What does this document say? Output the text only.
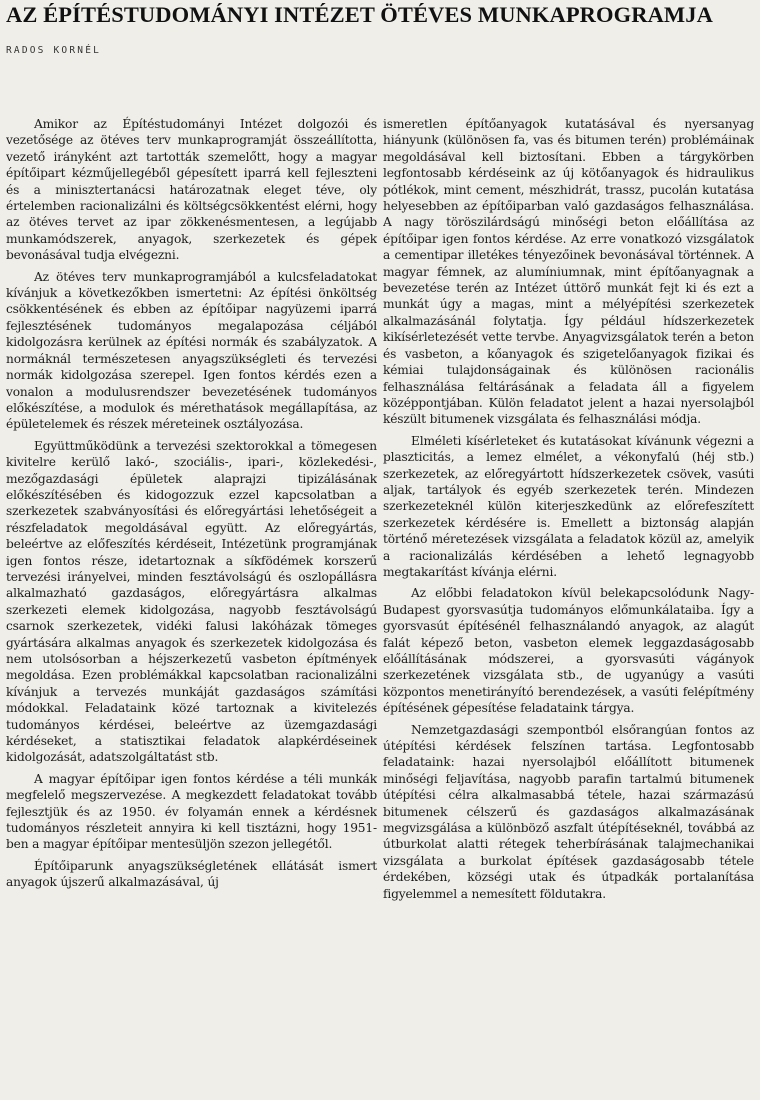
AZ ÉPÍTÉSTUDOMÁNYI INTÉZET ÖTÉVES MUNKAPROGRAMJA
RADOS KORNÉL

Amikor az Építéstudományi Intézet dolgozói és vezetősége az ötéves terv munkaprogramját összeállította, vezető irányként azt tartották szemelőtt, hogy a magyar építőipart kézműjellegéből gépesített iparrá kell fejleszteni és a minisztertanácsi határozatnak eleget téve, oly értelemben racionalizálni és költségcsökkentést elérni, hogy az ötéves tervet az ipar zökkenésmentesen, a legújabb munkamódszerek, anyagok, szerkezetek és gépek bevonásával tudja elvégezni.

Az ötéves terv munkaprogramjából a kulcsfeladatokat kívánjuk a következőkben ismertetni: Az építési önköltség csökkentésének és ebben az építőipar nagyüzemi iparrá fejlesztésének tudományos megalapozása céljából kidolgozásra kerülnek az építési normák és szabályzatok. A normáknál természetesen anyagszükségleti és tervezési normák kidolgozása szerepel. Igen fontos kérdés ezen a vonalon a modulusrendszer bevezetésének tudományos előkészítése, a modulok és mérethatások megállapítása, az épületelemek és részek méreteinek osztályozása.

Együttműködünk a tervezési szektorokkal a tömegesen kivitelre kerülő lakó-, szociális-, ipari-, közlekedési-, mezőgazdasági épületek alaprajzi tipizálásának előkészítésében és kidogozzuk ezzel kapcsolatban a szerkezetek szabványosítási és előregyártási lehetőségeit a részfeladatok megoldásával együtt. Az előregyártás, beleértve az előfeszítés kérdéseit, Intézetünk programjának igen fontos része, idetartoznak a síkfödémek korszerű tervezési irányelvei, minden fesztávolságú és oszlopállásra alkalmazható gazdaságos, előregyártásra alkalmas szerkezeti elemek kidolgozása, nagyobb fesztávolságú csarnok szerkezetek, vidéki falusi lakóházak tömeges gyártására alkalmas anyagok és szerkezetek kidolgozása és nem utolsósorban a héjszerkezetű vasbeton építmények megoldása. Ezen problémákkal kapcsolatban racionalizálni kívánjuk a tervezés munkáját gazdaságos számítási módokkal. Feladataink közé tartoznak a kivitelezés tudományos kérdései, beleértve az üzemgazdasági kérdéseket, a statisztikai feladatok alapkérdéseinek kidolgozását, adatszolgáltatást stb.

A magyar építőipar igen fontos kérdése a téli munkák megfelelő megszervezése. A megkezdett feladatokat tovább fejlesztjük és az 1950. év folyamán ennek a kérdésnek tudományos részleteit annyira ki kell tisztázni, hogy 1951-ben a magyar építőipar mentesüljön szezon jellegétől.

Építőiparunk anyagszükségletének ellátását ismert anyagok újszerű alkalmazásával, új

ismeretlen építőanyagok kutatásával és nyersanyag hiányunk (különösen fa, vas és bitumen terén) problémáinak megoldásával kell biztosítani. Ebben a tárgykörben legfontosabb kérdéseink az új kötőanyagok és hidraulikus pótlékok, mint cement, mészhidrát, trassz, pucolán kutatása helyesebben az építőiparban való gazdaságos felhasználása. A nagy töröszilárdságú minőségi beton előállítása az építőipar igen fontos kérdése. Az erre vonatkozó vizsgálatok a cementipar illetékes tényezőinek bevonásával történnek. A magyar fémnek, az alumíniumnak, mint építőanyagnak a bevezetése terén az Intézet úttörő munkát fejt ki és ezt a munkát úgy a magas, mint a mélyépítési szerkezetek alkalmazásánál folytatja. Így például hídszerkezetek kikísérletezését vette tervbe. Anyagvizsgálatok terén a beton és vasbeton, a kőanyagok és szigetelőanyagok fizikai és kémiai tulajdonságainak és különösen racionális felhasználása feltárásának a feladata áll a figyelem középpontjában. Külön feladatot jelent a hazai nyersolajból készült bitumenek vizsgálata és felhasználási módja.

Elméleti kísérleteket és kutatásokat kívánunk végezni a plaszticitás, a lemez elmélet, a vékonyfalú (héj stb.) szerkezetek, az előregyártott hídszerkezetek csövek, vasúti aljak, tartályok és egyéb szerkezetek terén. Mindezen szerkezeteknél külön kiterjeszkedünk az előrefeszített szerkezetek kérdésére is. Emellett a biztonság alapján történő méretezések vizsgálata a feladatok közül az, amelyik a racionalizálás kérdésében a lehető legnagyobb megtakarítást kívánja elérni.

Az előbbi feladatokon kívül belekapcsolódunk Nagy-Budapest gyorsvasútja tudományos előmunkálataiba. Így a gyorsvasút építésénél felhasználandó anyagok, az alagút falát képező beton, vasbeton elemek leggazdaságosabb előállításának módszerei, a gyorsvasúti vágányok szerkezetének vizsgálata stb., de ugyanúgy a vasúti központos menetirányító berendezések, a vasúti felépítmény építésének gépesítése feladataink tárgya.

Nemzetgazdasági szempontból elsőrangúan fontos az útépítési kérdések felszínen tartása. Legfontosabb feladataink: hazai nyersolajból előállított bitumenek minőségi feljavítása, nagyobb parafin tartalmú bitumenek útépítési célra alkalmasabbá tétele, hazai származású bitumenek célszerű és gazdaságos alkalmazásának megvizsgálása a különböző aszfalt útépítéseknél, továbbá az útburkolat alatti rétegek teherbírásának talajmechanikai vizsgálata a burkolat építések gazdaságosabb tétele érdekében, községi utak és útpadkák portalanítása figyelemmel a nemesített földutakra.
